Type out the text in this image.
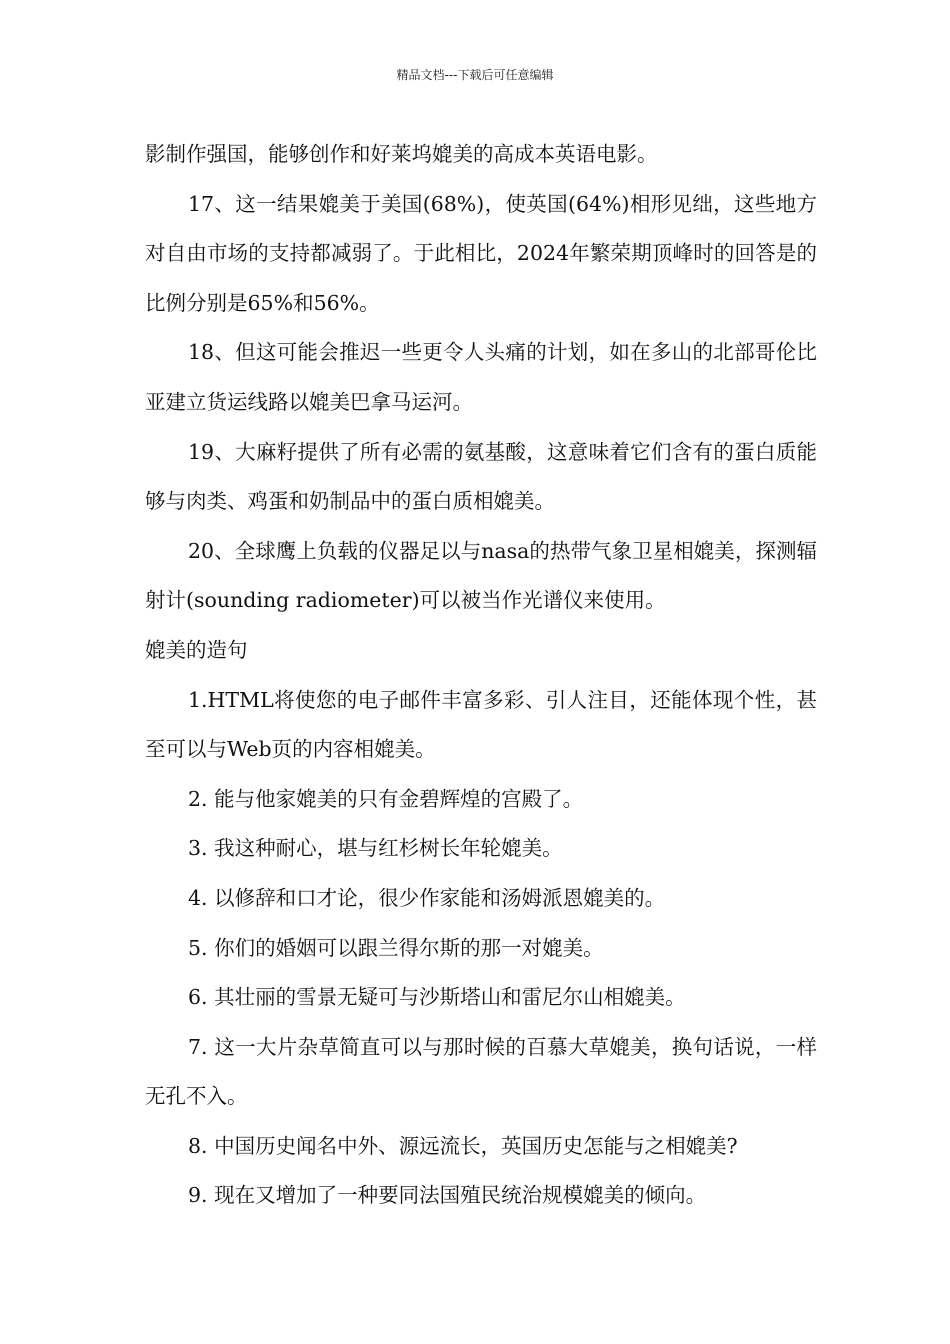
精品文档---下载后可任意编辑

影制作强国，能够创作和好莱坞媲美的高成本英语电影。

17、这一结果媲美于美国(68%)，使英国(64%)相形见绌，这些地方对自由市场的支持都减弱了。于此相比，2024年繁荣期顶峰时的回答是的比例分别是65%和56%。

18、但这可能会推迟一些更令人头痛的计划，如在多山的北部哥伦比亚建立货运线路以媲美巴拿马运河。

19、大麻籽提供了所有必需的氨基酸，这意味着它们含有的蛋白质能够与肉类、鸡蛋和奶制品中的蛋白质相媲美。

20、全球鹰上负载的仪器足以与nasa的热带气象卫星相媲美，探测辐射计(sounding radiometer)可以被当作光谱仪来使用。

媲美的造句

1.HTML将使您的电子邮件丰富多彩、引人注目，还能体现个性，甚至可以与Web页的内容相媲美。

2. 能与他家媲美的只有金碧辉煌的宫殿了。

3. 我这种耐心，堪与红杉树长年轮媲美。

4. 以修辞和口才论，很少作家能和汤姆派恩媲美的。

5. 你们的婚姻可以跟兰得尔斯的那一对媲美。

6. 其壮丽的雪景无疑可与沙斯塔山和雷尼尔山相媲美。

7. 这一大片杂草简直可以与那时候的百慕大草媲美，换句话说，一样无孔不入。

8. 中国历史闻名中外、源远流长，英国历史怎能与之相媲美?

9. 现在又增加了一种要同法国殖民统治规模媲美的倾向。
